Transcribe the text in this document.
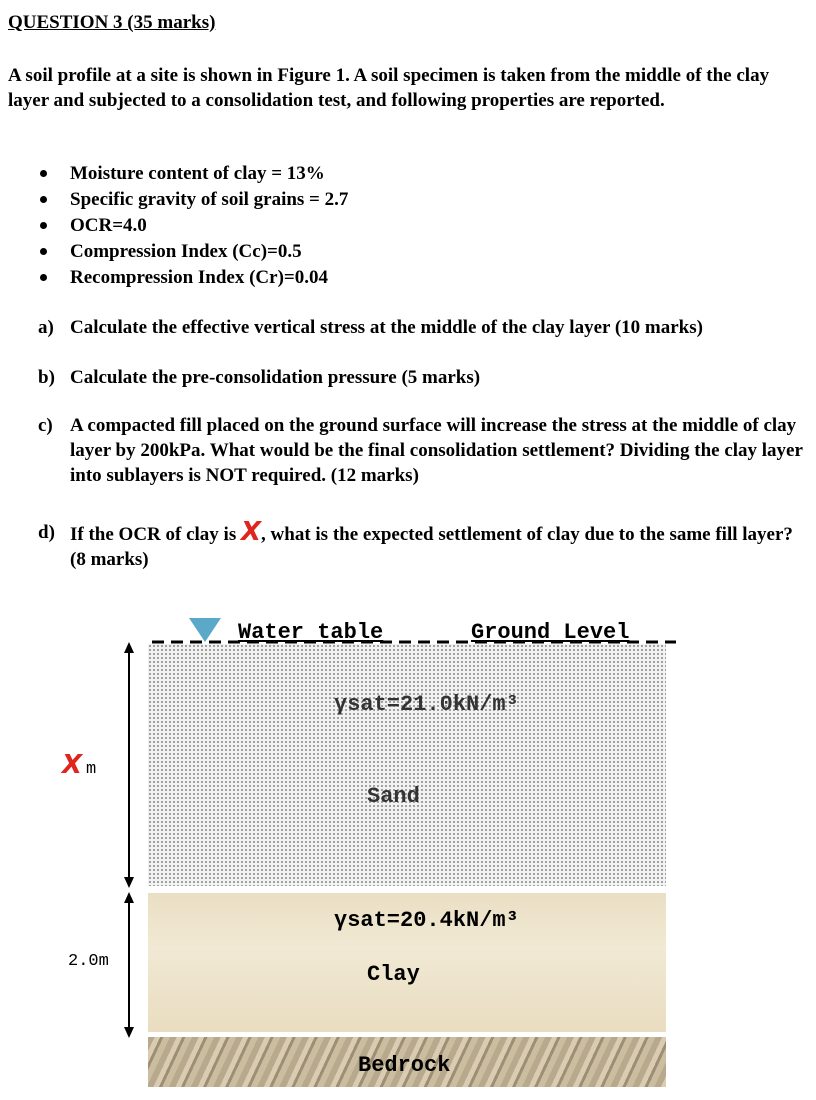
QUESTION 3 (35 marks)
A soil profile at a site is shown in Figure 1. A soil specimen is taken from the middle of the clay layer and subjected to a consolidation test, and following properties are reported.
Moisture content of clay = 13%
Specific gravity of soil grains = 2.7
OCR=4.0
Compression Index (Cc)=0.5
Recompression Index (Cr)=0.04
a) Calculate the effective vertical stress at the middle of the clay layer (10 marks)
b) Calculate the pre-consolidation pressure (5 marks)
c) A compacted fill placed on the ground surface will increase the stress at the middle of clay layer by 200kPa. What would be the final consolidation settlement? Dividing the clay layer into sublayers is NOT required. (12 marks)
d) If the OCR of clay is X, what is the expected settlement of clay due to the same fill layer? (8 marks)
Water table	Ground Level
γsat=21.0kN/m³
Sand
γsat=20.4kN/m³
Clay
Bedrock
X m
2.0m
